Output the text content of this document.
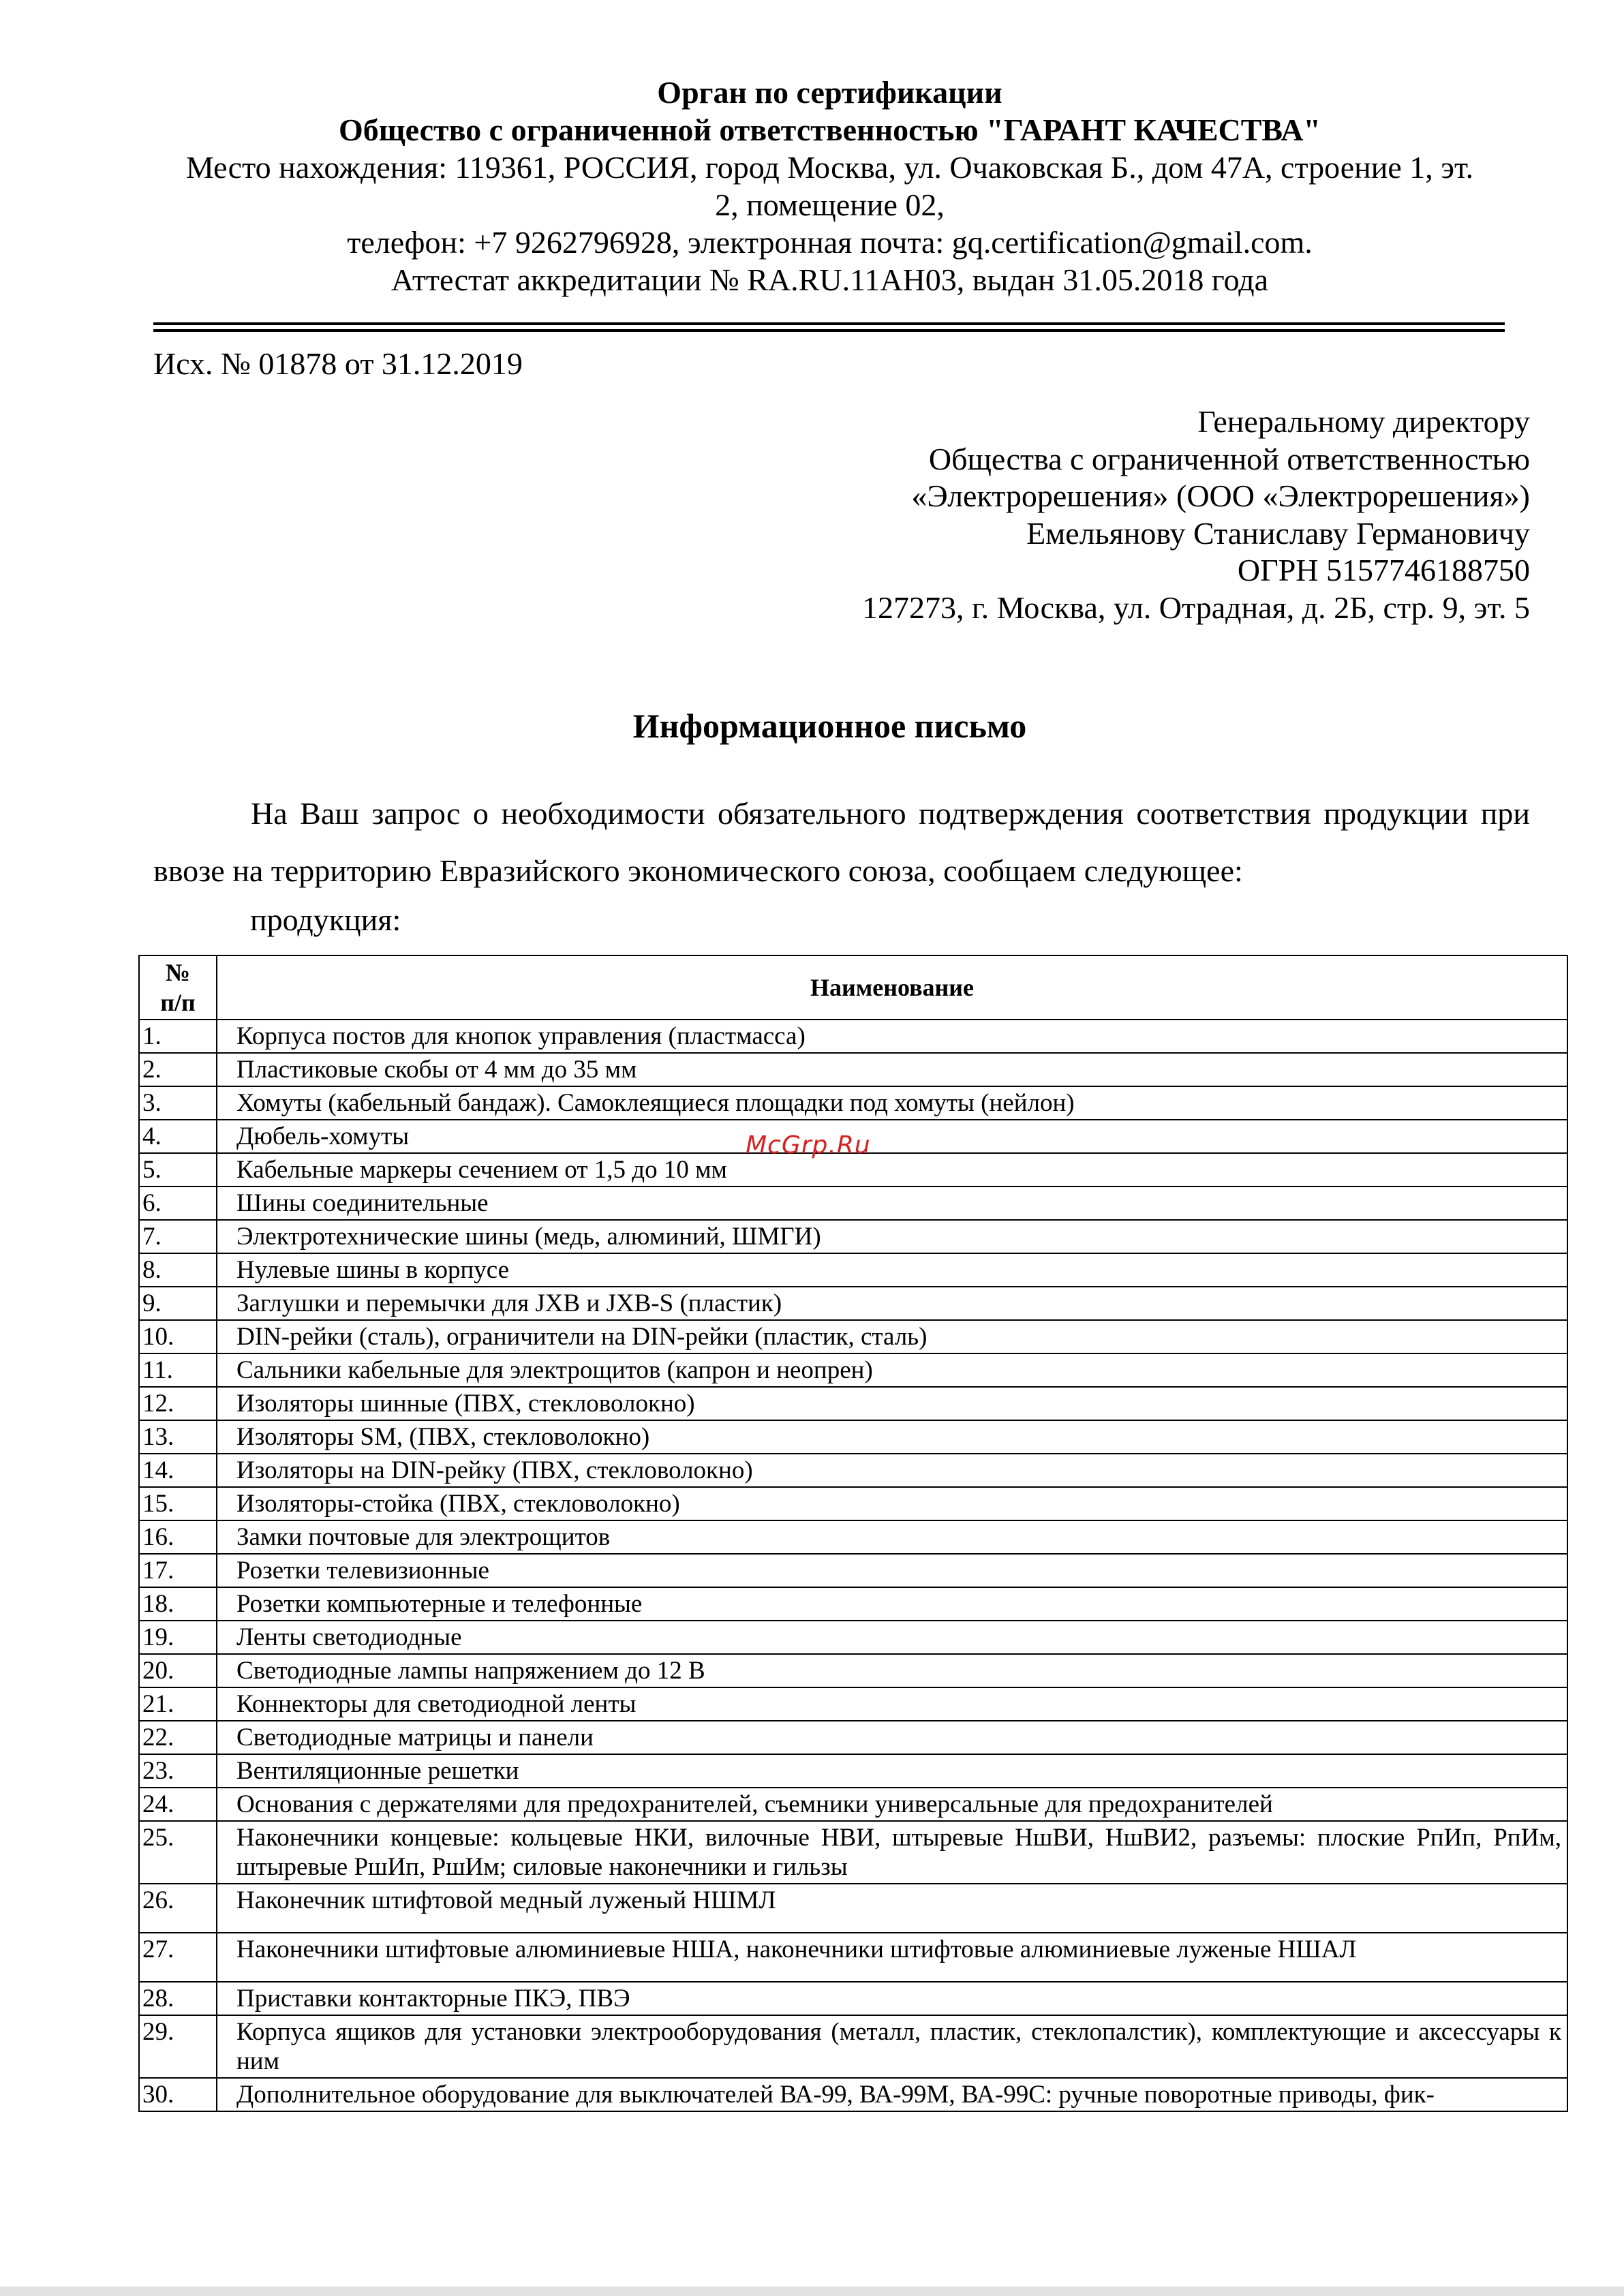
Орган по сертификации
Общество с ограниченной ответственностью "ГАРАНТ КАЧЕСТВА"
Место нахождения: 119361, РОССИЯ, город Москва, ул. Очаковская Б., дом 47А, строение 1, эт.
2, помещение 02,
телефон: +7 9262796928, электронная почта: gq.certification@gmail.com.
Аттестат аккредитации № RA.RU.11АН03, выдан 31.05.2018 года
Исх. № 01878 от 31.12.2019
Генеральному директору
Общества с ограниченной ответственностью
«Электрорешения» (ООО «Электрорешения»)
Емельянову Станиславу Германовичу
ОГРН 5157746188750
127273, г. Москва, ул. Отрадная, д. 2Б, стр. 9, эт. 5
Информационное письмо
На Ваш запрос о необходимости обязательного подтверждения соответствия продукции при ввозе на территорию Евразийского экономического союза, сообщаем следующее:
продукция:
№
п/п	Наименование
1.	Корпуса постов для кнопок управления (пластмасса)
2.	Пластиковые скобы от 4 мм до 35 мм
3.	Хомуты (кабельный бандаж). Самоклеящиеся площадки под хомуты (нейлон)
4.	Дюбель-хомуты
5.	Кабельные маркеры сечением от 1,5 до 10 мм
6.	Шины соединительные
7.	Электротехнические шины (медь, алюминий, ШМГИ)
8.	Нулевые шины в корпусе
9.	Заглушки и перемычки для JXB и JXB-S (пластик)
10.	DIN-рейки (сталь), ограничители на DIN-рейки (пластик, сталь)
11.	Сальники кабельные для электрощитов (капрон и неопрен)
12.	Изоляторы шинные (ПВХ, стекловолокно)
13.	Изоляторы SM, (ПВХ, стекловолокно)
14.	Изоляторы на DIN-рейку (ПВХ, стекловолокно)
15.	Изоляторы-стойка (ПВХ, стекловолокно)
16.	Замки почтовые для электрощитов
17.	Розетки телевизионные
18.	Розетки компьютерные и телефонные
19.	Ленты светодиодные
20.	Светодиодные лампы напряжением до 12 В
21.	Коннекторы для светодиодной ленты
22.	Светодиодные матрицы и панели
23.	Вентиляционные решетки
24.	Основания с держателями для предохранителей, съемники универсальные для предохранителей
25.	Наконечники концевые: кольцевые НКИ, вилочные НВИ, штыревые НшВИ, НшВИ2, разъемы: плоские РпИп, РпИм, штыревые РшИп, РшИм; силовые наконечники и гильзы
26.	Наконечник штифтовой медный луженый НШМЛ
27.	Наконечники штифтовые алюминиевые НША, наконечники штифтовые алюминиевые луженые НШАЛ
28.	Приставки контакторные ПКЭ, ПВЭ
29.	Корпуса ящиков для установки электрооборудования (металл, пластик, стеклопалстик), комплектующие и аксессуары к ним
30.	Дополнительное оборудование для выключателей ВА-99, ВА-99М, ВА-99С: ручные поворотные приводы, фик-
McGrp.Ru
